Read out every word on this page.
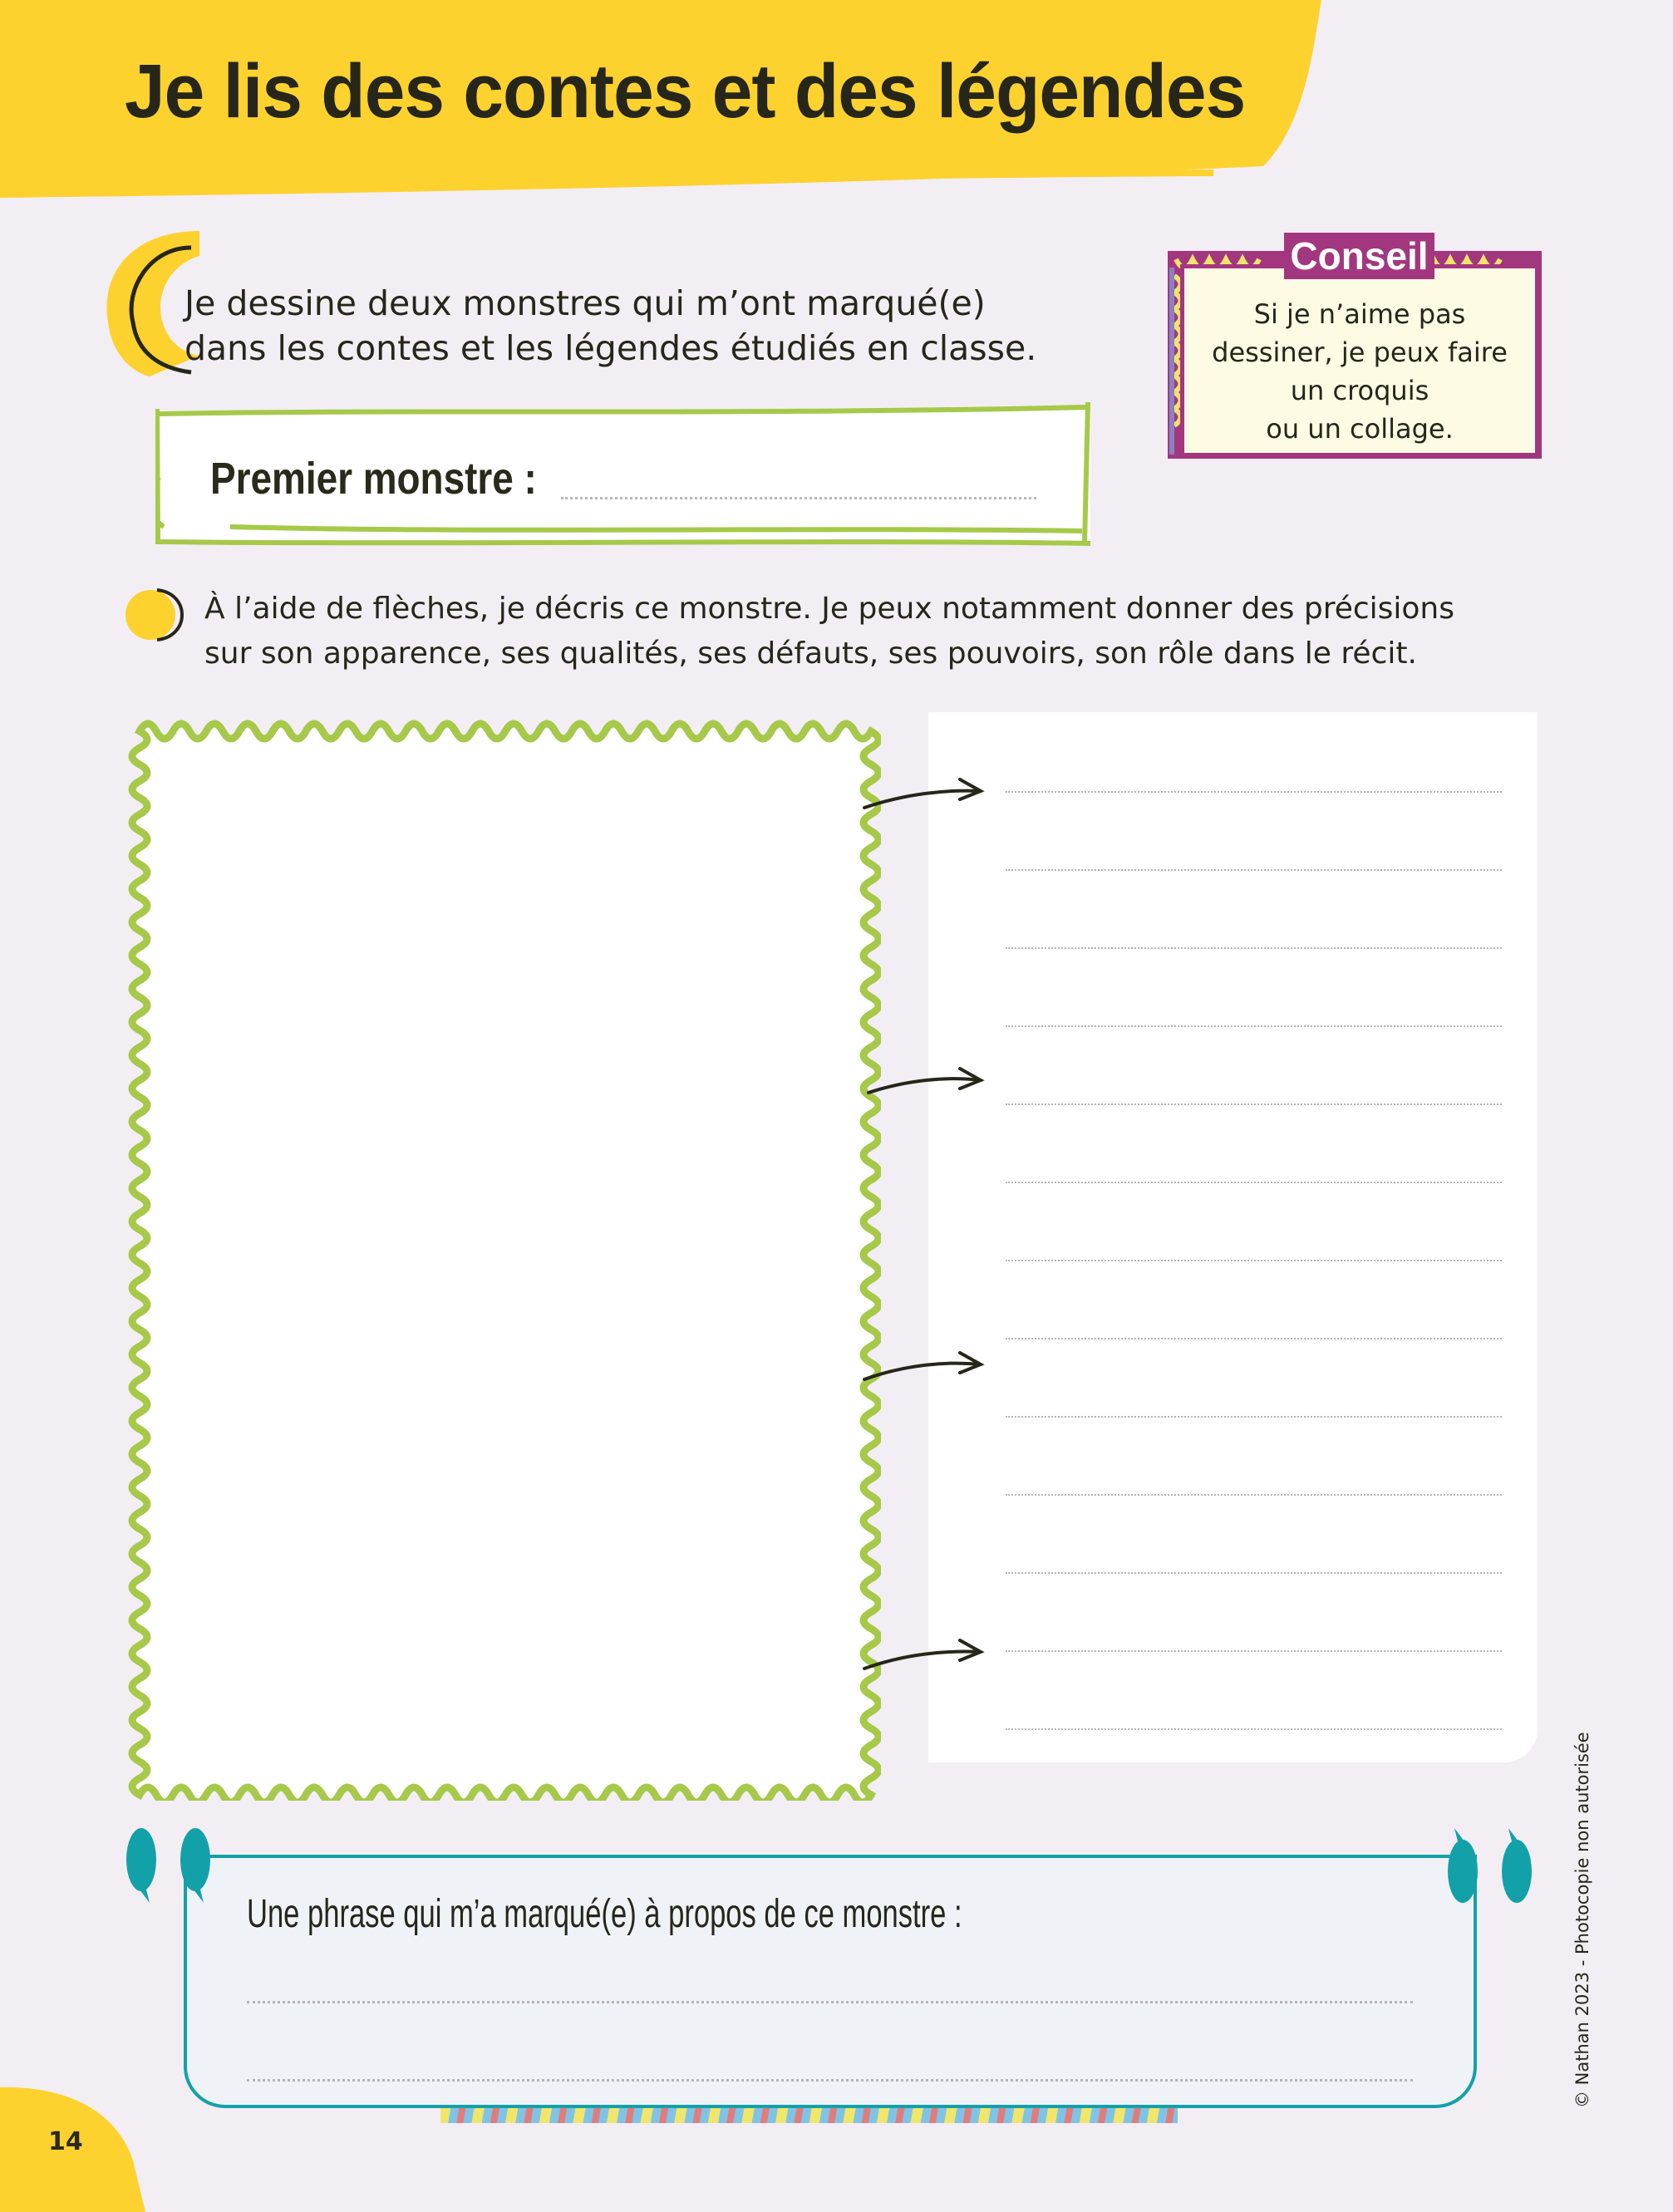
Je lis des contes et des légendes
Je dessine deux monstres qui m’ont marqué(e)
dans les contes et les légendes étudiés en classe.
Premier monstre :
Conseil
Si je n’aime pas
dessiner, je peux faire
un croquis
ou un collage.
À l’aide de flèches, je décris ce monstre. Je peux notamment donner des précisions
sur son apparence, ses qualités, ses défauts, ses pouvoirs, son rôle dans le récit.
Une phrase qui m’a marqué(e) à propos de ce monstre :
14
© Nathan 2023 - Photocopie non autorisée
